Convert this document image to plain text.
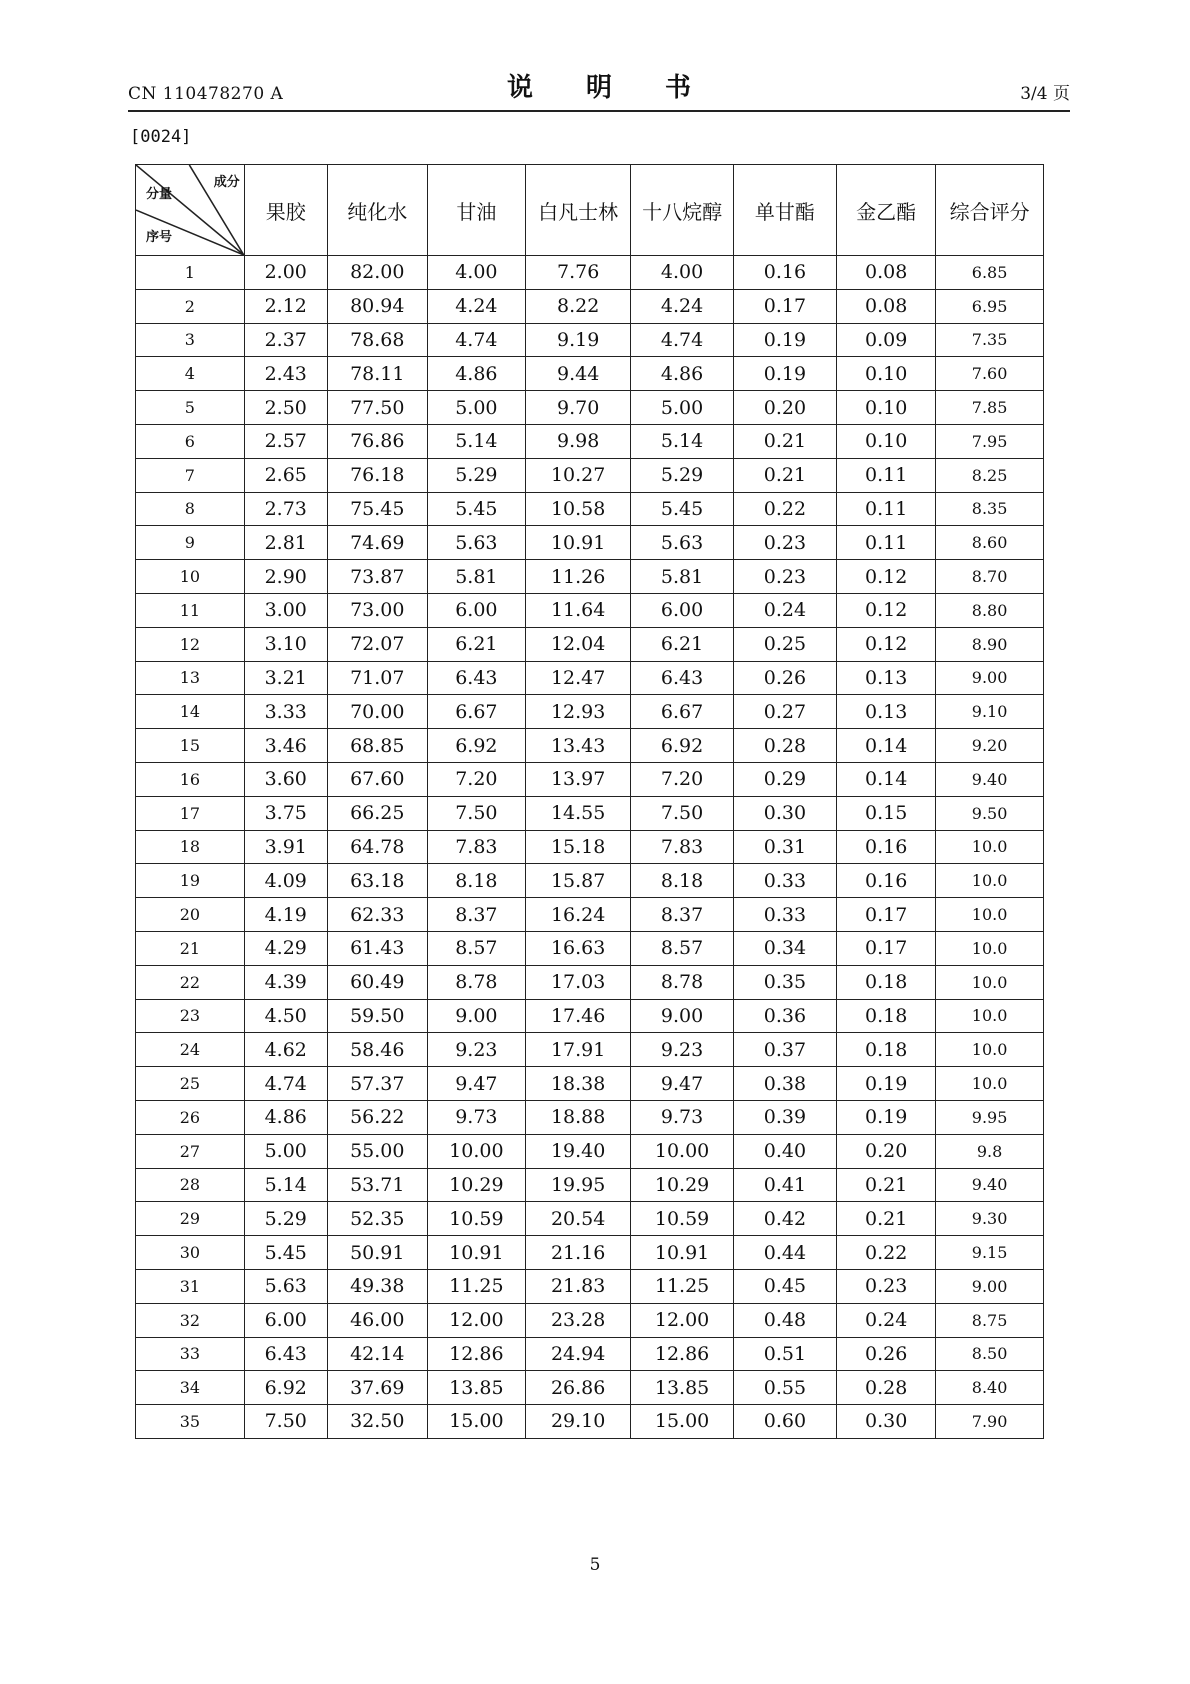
CN 110478270 A	说 明 书	3/4 页
[0024]
成分
分量
序号	果胶	纯化水	甘油	白凡士林	十八烷醇	单甘酯	金乙酯	综合评分
1	2.00	82.00	4.00	7.76	4.00	0.16	0.08	6.85
2	2.12	80.94	4.24	8.22	4.24	0.17	0.08	6.95
3	2.37	78.68	4.74	9.19	4.74	0.19	0.09	7.35
4	2.43	78.11	4.86	9.44	4.86	0.19	0.10	7.60
5	2.50	77.50	5.00	9.70	5.00	0.20	0.10	7.85
6	2.57	76.86	5.14	9.98	5.14	0.21	0.10	7.95
7	2.65	76.18	5.29	10.27	5.29	0.21	0.11	8.25
8	2.73	75.45	5.45	10.58	5.45	0.22	0.11	8.35
9	2.81	74.69	5.63	10.91	5.63	0.23	0.11	8.60
10	2.90	73.87	5.81	11.26	5.81	0.23	0.12	8.70
11	3.00	73.00	6.00	11.64	6.00	0.24	0.12	8.80
12	3.10	72.07	6.21	12.04	6.21	0.25	0.12	8.90
13	3.21	71.07	6.43	12.47	6.43	0.26	0.13	9.00
14	3.33	70.00	6.67	12.93	6.67	0.27	0.13	9.10
15	3.46	68.85	6.92	13.43	6.92	0.28	0.14	9.20
16	3.60	67.60	7.20	13.97	7.20	0.29	0.14	9.40
17	3.75	66.25	7.50	14.55	7.50	0.30	0.15	9.50
18	3.91	64.78	7.83	15.18	7.83	0.31	0.16	10.0
19	4.09	63.18	8.18	15.87	8.18	0.33	0.16	10.0
20	4.19	62.33	8.37	16.24	8.37	0.33	0.17	10.0
21	4.29	61.43	8.57	16.63	8.57	0.34	0.17	10.0
22	4.39	60.49	8.78	17.03	8.78	0.35	0.18	10.0
23	4.50	59.50	9.00	17.46	9.00	0.36	0.18	10.0
24	4.62	58.46	9.23	17.91	9.23	0.37	0.18	10.0
25	4.74	57.37	9.47	18.38	9.47	0.38	0.19	10.0
26	4.86	56.22	9.73	18.88	9.73	0.39	0.19	9.95
27	5.00	55.00	10.00	19.40	10.00	0.40	0.20	9.8
28	5.14	53.71	10.29	19.95	10.29	0.41	0.21	9.40
29	5.29	52.35	10.59	20.54	10.59	0.42	0.21	9.30
30	5.45	50.91	10.91	21.16	10.91	0.44	0.22	9.15
31	5.63	49.38	11.25	21.83	11.25	0.45	0.23	9.00
32	6.00	46.00	12.00	23.28	12.00	0.48	0.24	8.75
33	6.43	42.14	12.86	24.94	12.86	0.51	0.26	8.50
34	6.92	37.69	13.85	26.86	13.85	0.55	0.28	8.40
35	7.50	32.50	15.00	29.10	15.00	0.60	0.30	7.90
5
